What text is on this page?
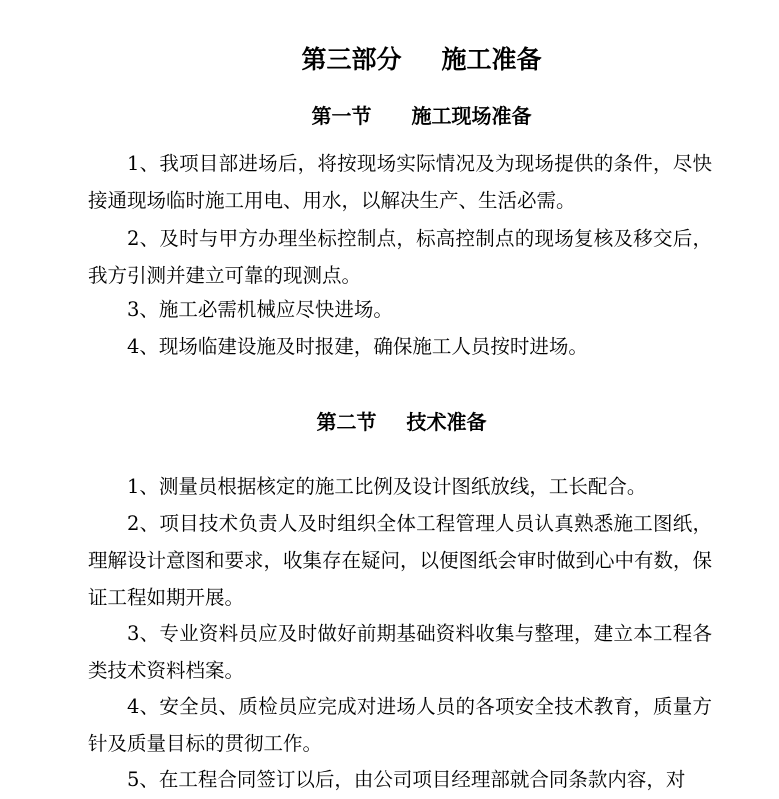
第三部分 施工准备
第一节 施工现场准备

1、我项目部进场后，将按现场实际情况及为现场提供的条件，尽快接通现场临时施工用电、用水，以解决生产、生活必需。

2、及时与甲方办理坐标控制点，标高控制点的现场复核及移交后，我方引测并建立可靠的现测点。

3、施工必需机械应尽快进场。

4、现场临建设施及时报建，确保施工人员按时进场。

第二节 技术准备

1、测量员根据核定的施工比例及设计图纸放线，工长配合。

2、项目技术负责人及时组织全体工程管理人员认真熟悉施工图纸，理解设计意图和要求，收集存在疑问，以便图纸会审时做到心中有数，保证工程如期开展。

3、专业资料员应及时做好前期基础资料收集与整理，建立本工程各类技术资料档案。

4、安全员、质检员应完成对进场人员的各项安全技术教育，质量方针及质量目标的贯彻工作。

5、在工程合同签订以后，由公司项目经理部就合同条款内容，对
